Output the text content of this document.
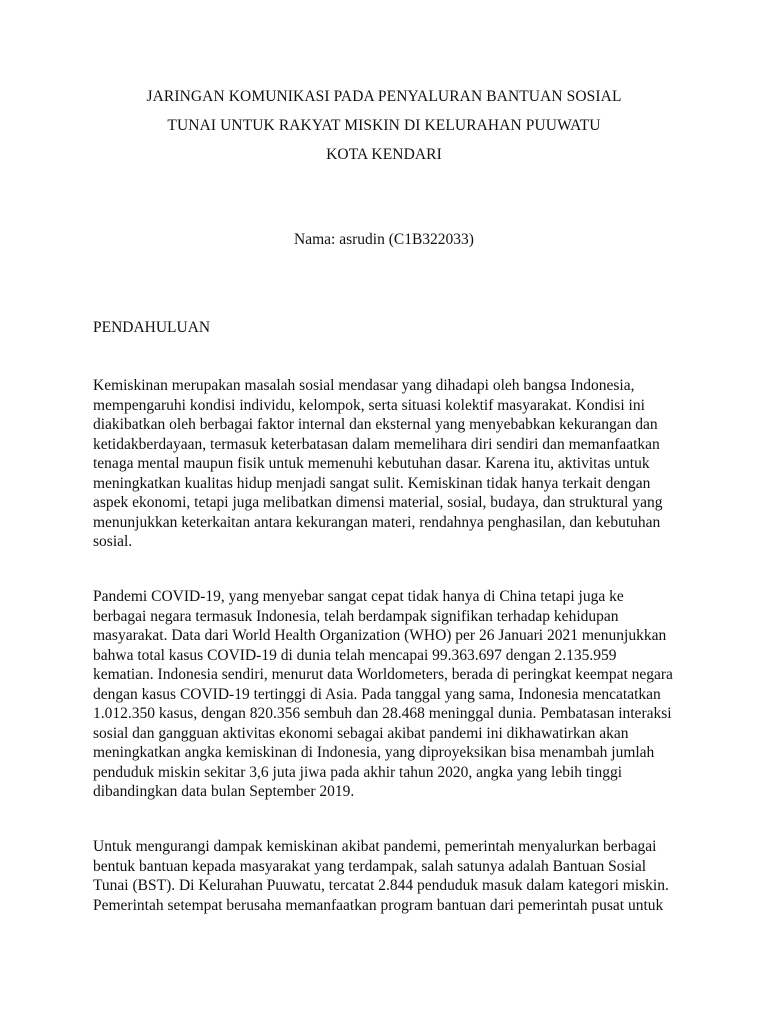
JARINGAN KOMUNIKASI PADA PENYALURAN BANTUAN SOSIAL
TUNAI UNTUK RAKYAT MISKIN DI KELURAHAN PUUWATU
KOTA KENDARI
Nama: asrudin (C1B322033)
PENDAHULUAN
Kemiskinan merupakan masalah sosial mendasar yang dihadapi oleh bangsa Indonesia,
mempengaruhi kondisi individu, kelompok, serta situasi kolektif masyarakat. Kondisi ini
diakibatkan oleh berbagai faktor internal dan eksternal yang menyebabkan kekurangan dan
ketidakberdayaan, termasuk keterbatasan dalam memelihara diri sendiri dan memanfaatkan
tenaga mental maupun fisik untuk memenuhi kebutuhan dasar. Karena itu, aktivitas untuk
meningkatkan kualitas hidup menjadi sangat sulit. Kemiskinan tidak hanya terkait dengan
aspek ekonomi, tetapi juga melibatkan dimensi material, sosial, budaya, dan struktural yang
menunjukkan keterkaitan antara kekurangan materi, rendahnya penghasilan, dan kebutuhan
sosial.
Pandemi COVID-19, yang menyebar sangat cepat tidak hanya di China tetapi juga ke
berbagai negara termasuk Indonesia, telah berdampak signifikan terhadap kehidupan
masyarakat. Data dari World Health Organization (WHO) per 26 Januari 2021 menunjukkan
bahwa total kasus COVID-19 di dunia telah mencapai 99.363.697 dengan 2.135.959
kematian. Indonesia sendiri, menurut data Worldometers, berada di peringkat keempat negara
dengan kasus COVID-19 tertinggi di Asia. Pada tanggal yang sama, Indonesia mencatatkan
1.012.350 kasus, dengan 820.356 sembuh dan 28.468 meninggal dunia. Pembatasan interaksi
sosial dan gangguan aktivitas ekonomi sebagai akibat pandemi ini dikhawatirkan akan
meningkatkan angka kemiskinan di Indonesia, yang diproyeksikan bisa menambah jumlah
penduduk miskin sekitar 3,6 juta jiwa pada akhir tahun 2020, angka yang lebih tinggi
dibandingkan data bulan September 2019.
Untuk mengurangi dampak kemiskinan akibat pandemi, pemerintah menyalurkan berbagai
bentuk bantuan kepada masyarakat yang terdampak, salah satunya adalah Bantuan Sosial
Tunai (BST). Di Kelurahan Puuwatu, tercatat 2.844 penduduk masuk dalam kategori miskin.
Pemerintah setempat berusaha memanfaatkan program bantuan dari pemerintah pusat untuk
